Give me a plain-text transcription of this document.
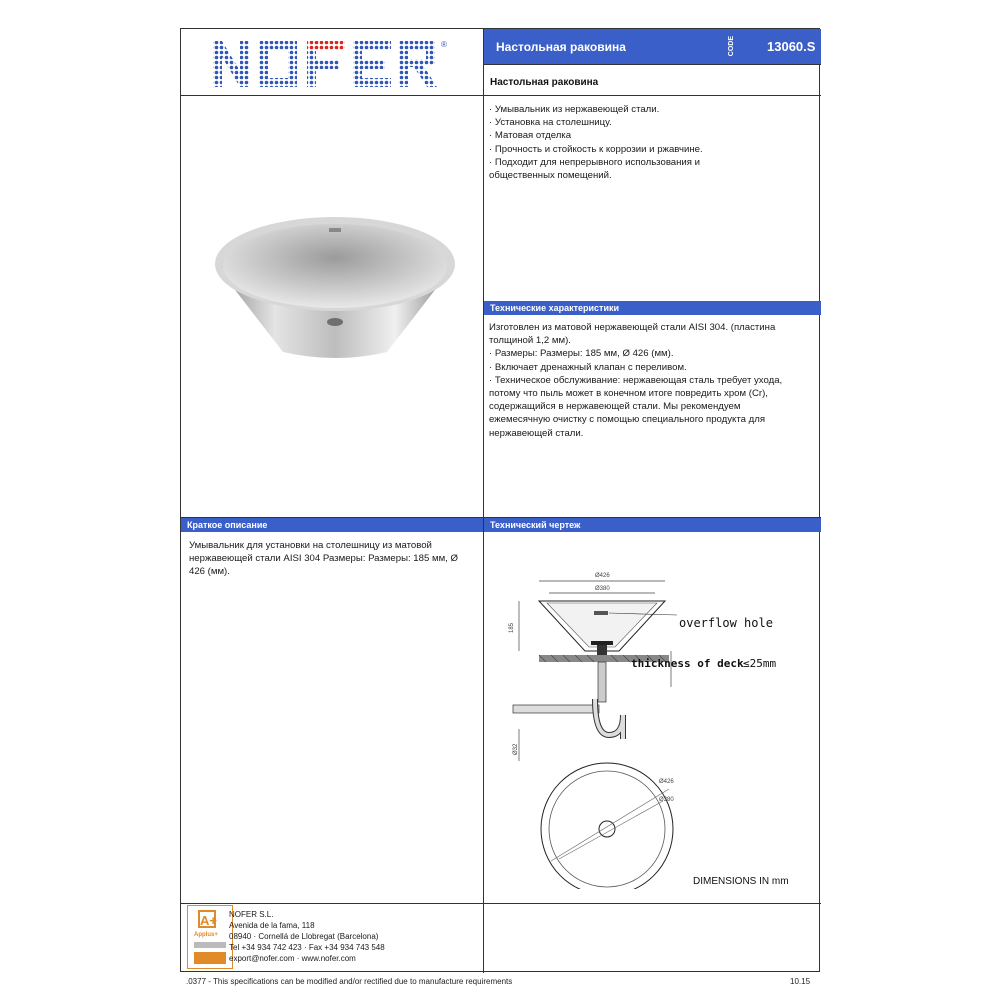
®	Настольная раковина	CODE 13060.S
Настольная раковина
· Умывальник из нержавеющей стали.
· Установка на столешницу.
· Матовая отделка
· Прочность и стойкость к коррозии и ржавчине.
· Подходит для непрерывного использования и
общественных помещений.
Технические характеристики
Изготовлен из матовой нержавеющей стали AISI 304. (пластина
толщиной 1,2 мм).
· Размеры: Размеры: 185 мм, Ø 426 (мм).
· Включает дренажный клапан с переливом.
· Техническое обслуживание: нержавеющая сталь требует ухода,
потому что пыль может в конечном итоге повредить хром (Cr),
содержащийся в нержавеющей стали. Мы рекомендуем
ежемесячную очистку с помощью специального продукта для
нержавеющей стали.
Краткое описание
Умывальник для установки на столешницу из матовой
нержавеющей стали AISI 304 Размеры: Размеры: 185 мм, Ø
426 (мм).
Технический чертеж
Ø426
Ø380
185
Ø32
overflow hole
thickness of deck ≤25mm
Ø426
Ø380
DIMENSIONS IN mm
A+
Applus+
NOFER S.L.
Avenida de la fama, 118
08940 · Cornellá de Llobregat (Barcelona)
Tel +34 934 742 423 · Fax +34 934 743 548
export@nofer.com · www.nofer.com
.0377 - This specifications can be modified and/or rectified due to manufacture requirements	10.15
